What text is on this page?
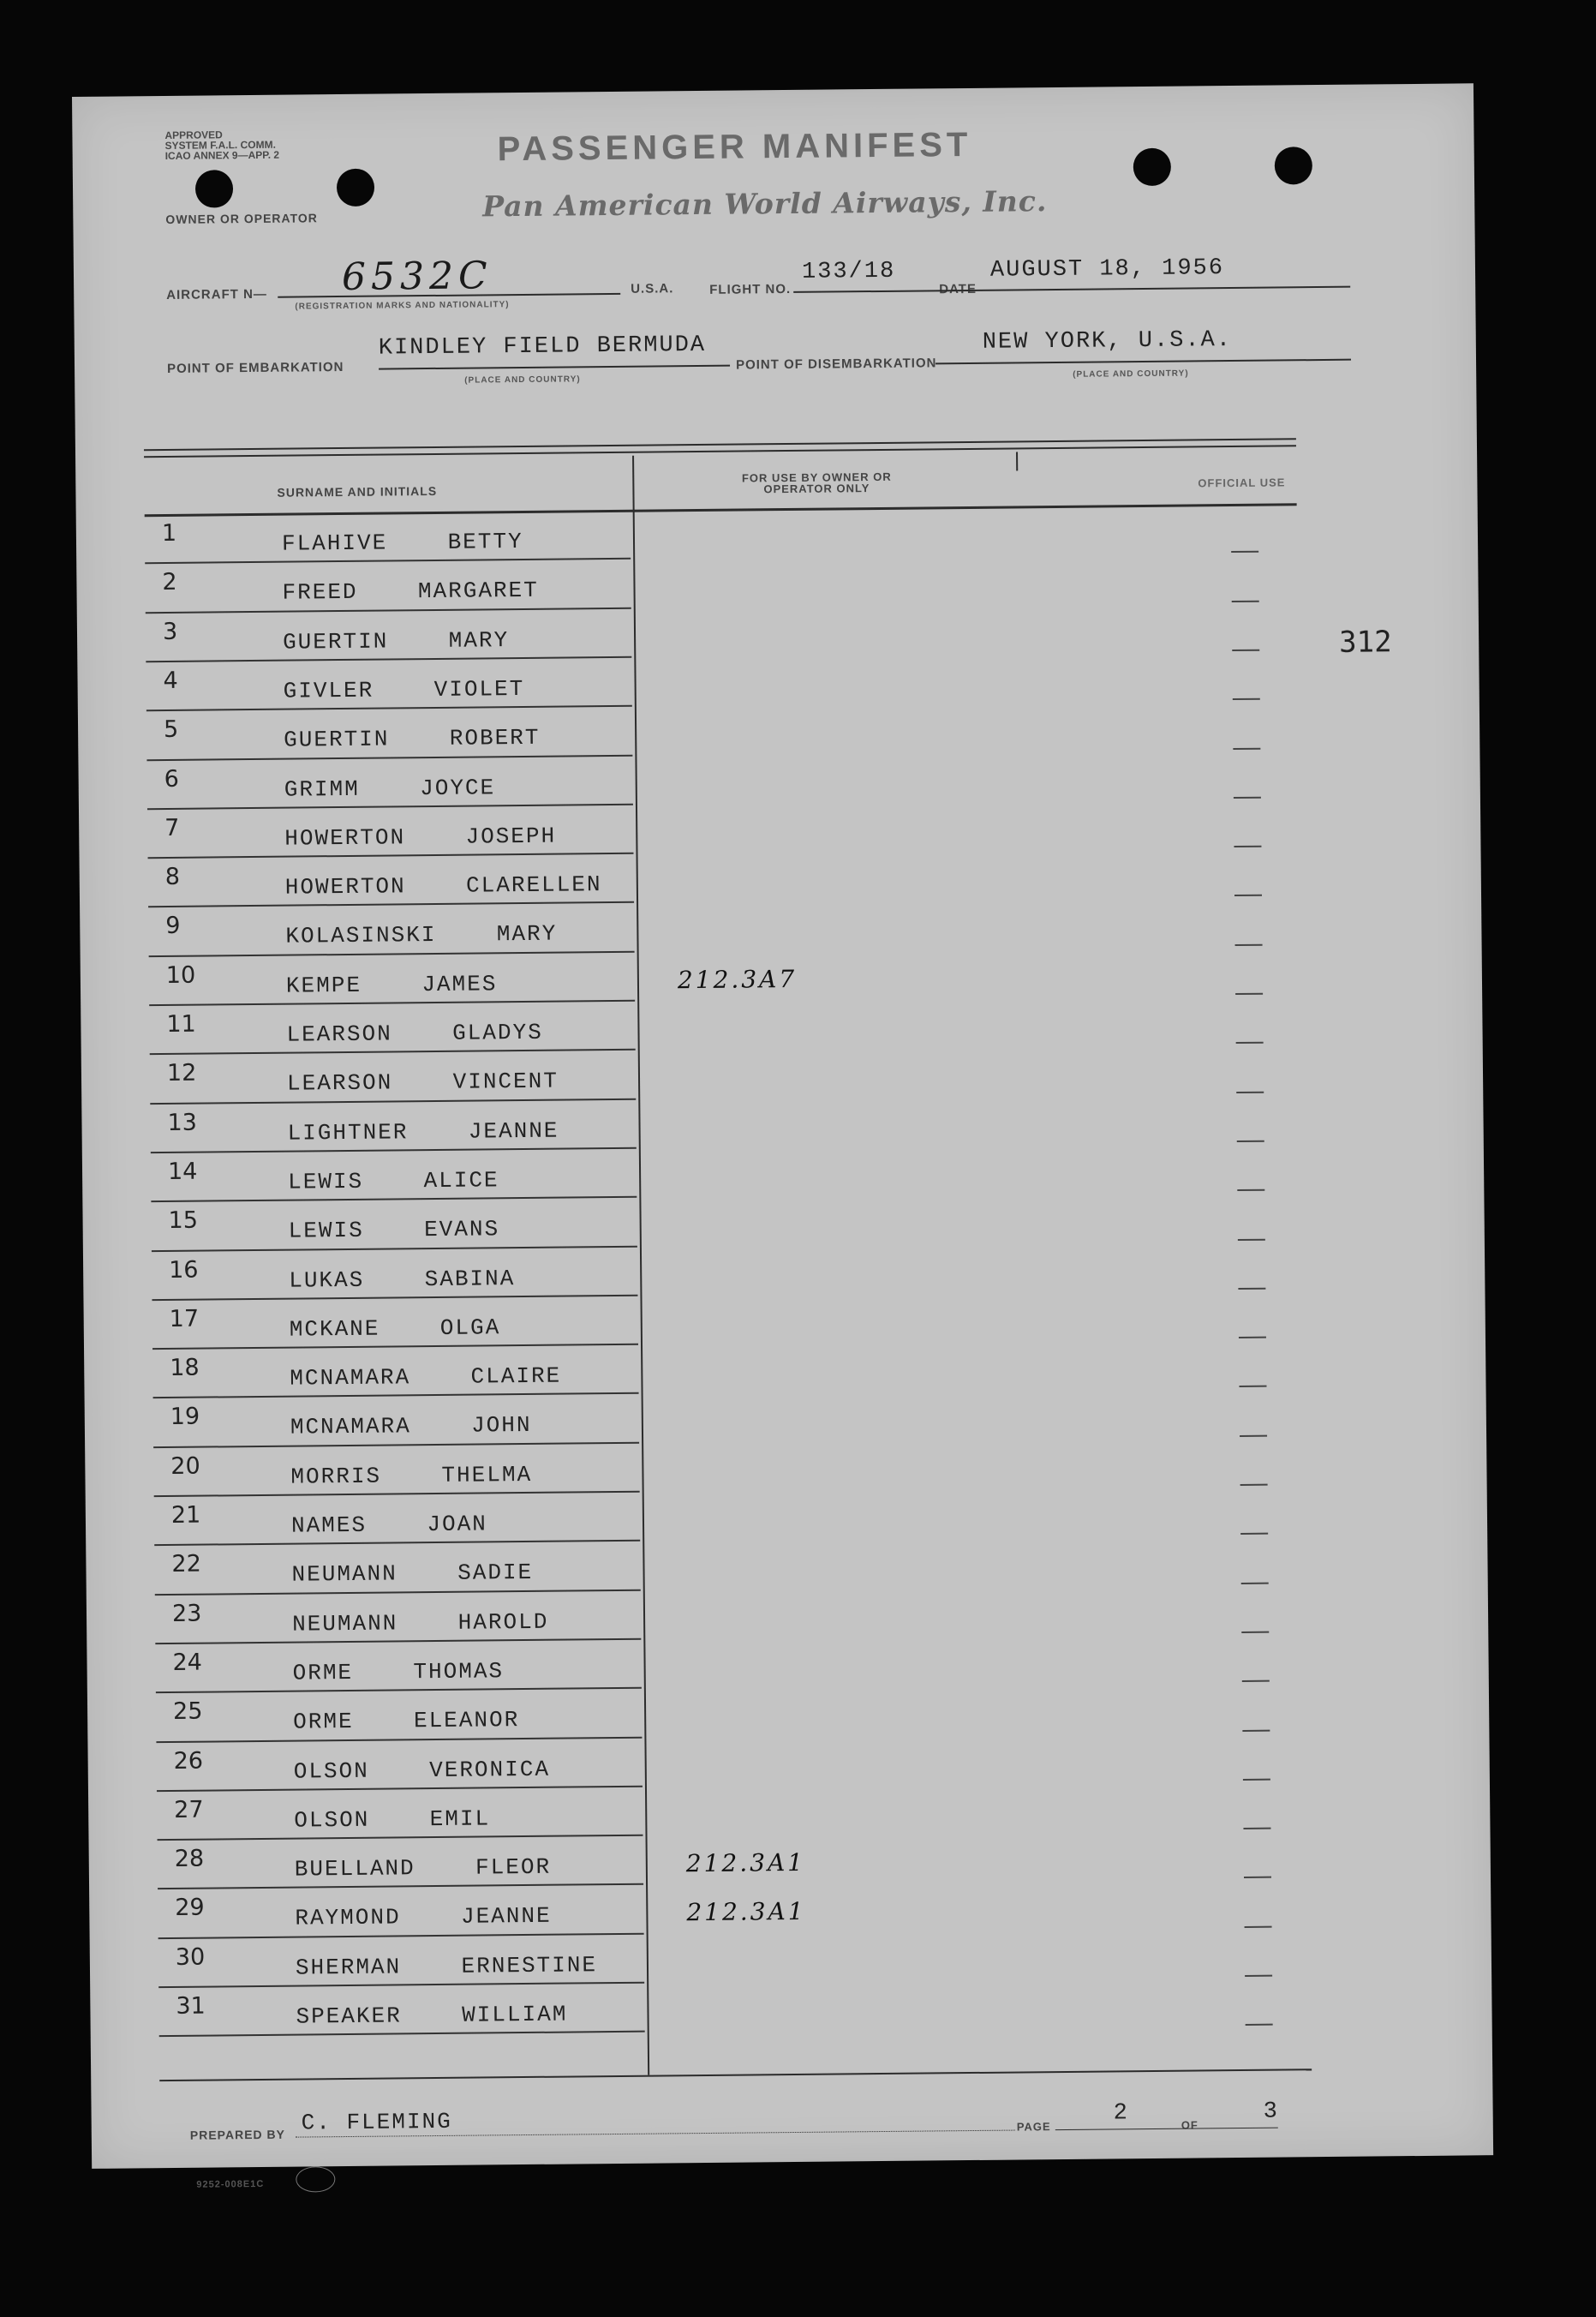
APPROVED
SYSTEM F.A.L. COMM.
ICAO ANNEX 9—APP. 2
OWNER OR OPERATOR
PASSENGER MANIFEST
Pan American World Airways, Inc.
AIRCRAFT N— 6532C
(REGISTRATION MARKS AND NATIONALITY)
U.S.A.	FLIGHT NO.
133/18
DATE
AUGUST 18, 1956
POINT OF EMBARKATION
KINDLEY FIELD BERMUDA
(PLACE AND COUNTRY)
POINT OF DISEMBARKATION
NEW YORK, U.S.A.
(PLACE AND COUNTRY)
SURNAME AND INITIALS
FOR USE BY OWNER OR OPERATOR ONLY	OFFICIAL USE
312
1	FLAHIVE    BETTY
2	FREED    MARGARET
3	GUERTIN    MARY
4	GIVLER    VIOLET
5	GUERTIN    ROBERT
6	GRIMM    JOYCE
7	HOWERTON    JOSEPH
8	HOWERTON    CLARELLEN
9	KOLASINSKI    MARY
10	KEMPE    JAMES	212.3A7
11	LEARSON    GLADYS
12	LEARSON    VINCENT
13	LIGHTNER    JEANNE
14	LEWIS    ALICE
15	LEWIS    EVANS
16	LUKAS    SABINA
17	MCKANE    OLGA
18	MCNAMARA    CLAIRE
19	MCNAMARA    JOHN
20	MORRIS    THELMA
21	NAMES    JOAN
22	NEUMANN    SADIE
23	NEUMANN    HAROLD
24	ORME    THOMAS
25	ORME    ELEANOR
26	OLSON    VERONICA
27	OLSON    EMIL
28	BUELLAND    FLEOR	212.3A1
29	RAYMOND    JEANNE	212.3A1
30	SHERMAN    ERNESTINE
31	SPEAKER    WILLIAM
PREPARED BY C. FLEMING	PAGE
2	OF
3
9252-008E1C
